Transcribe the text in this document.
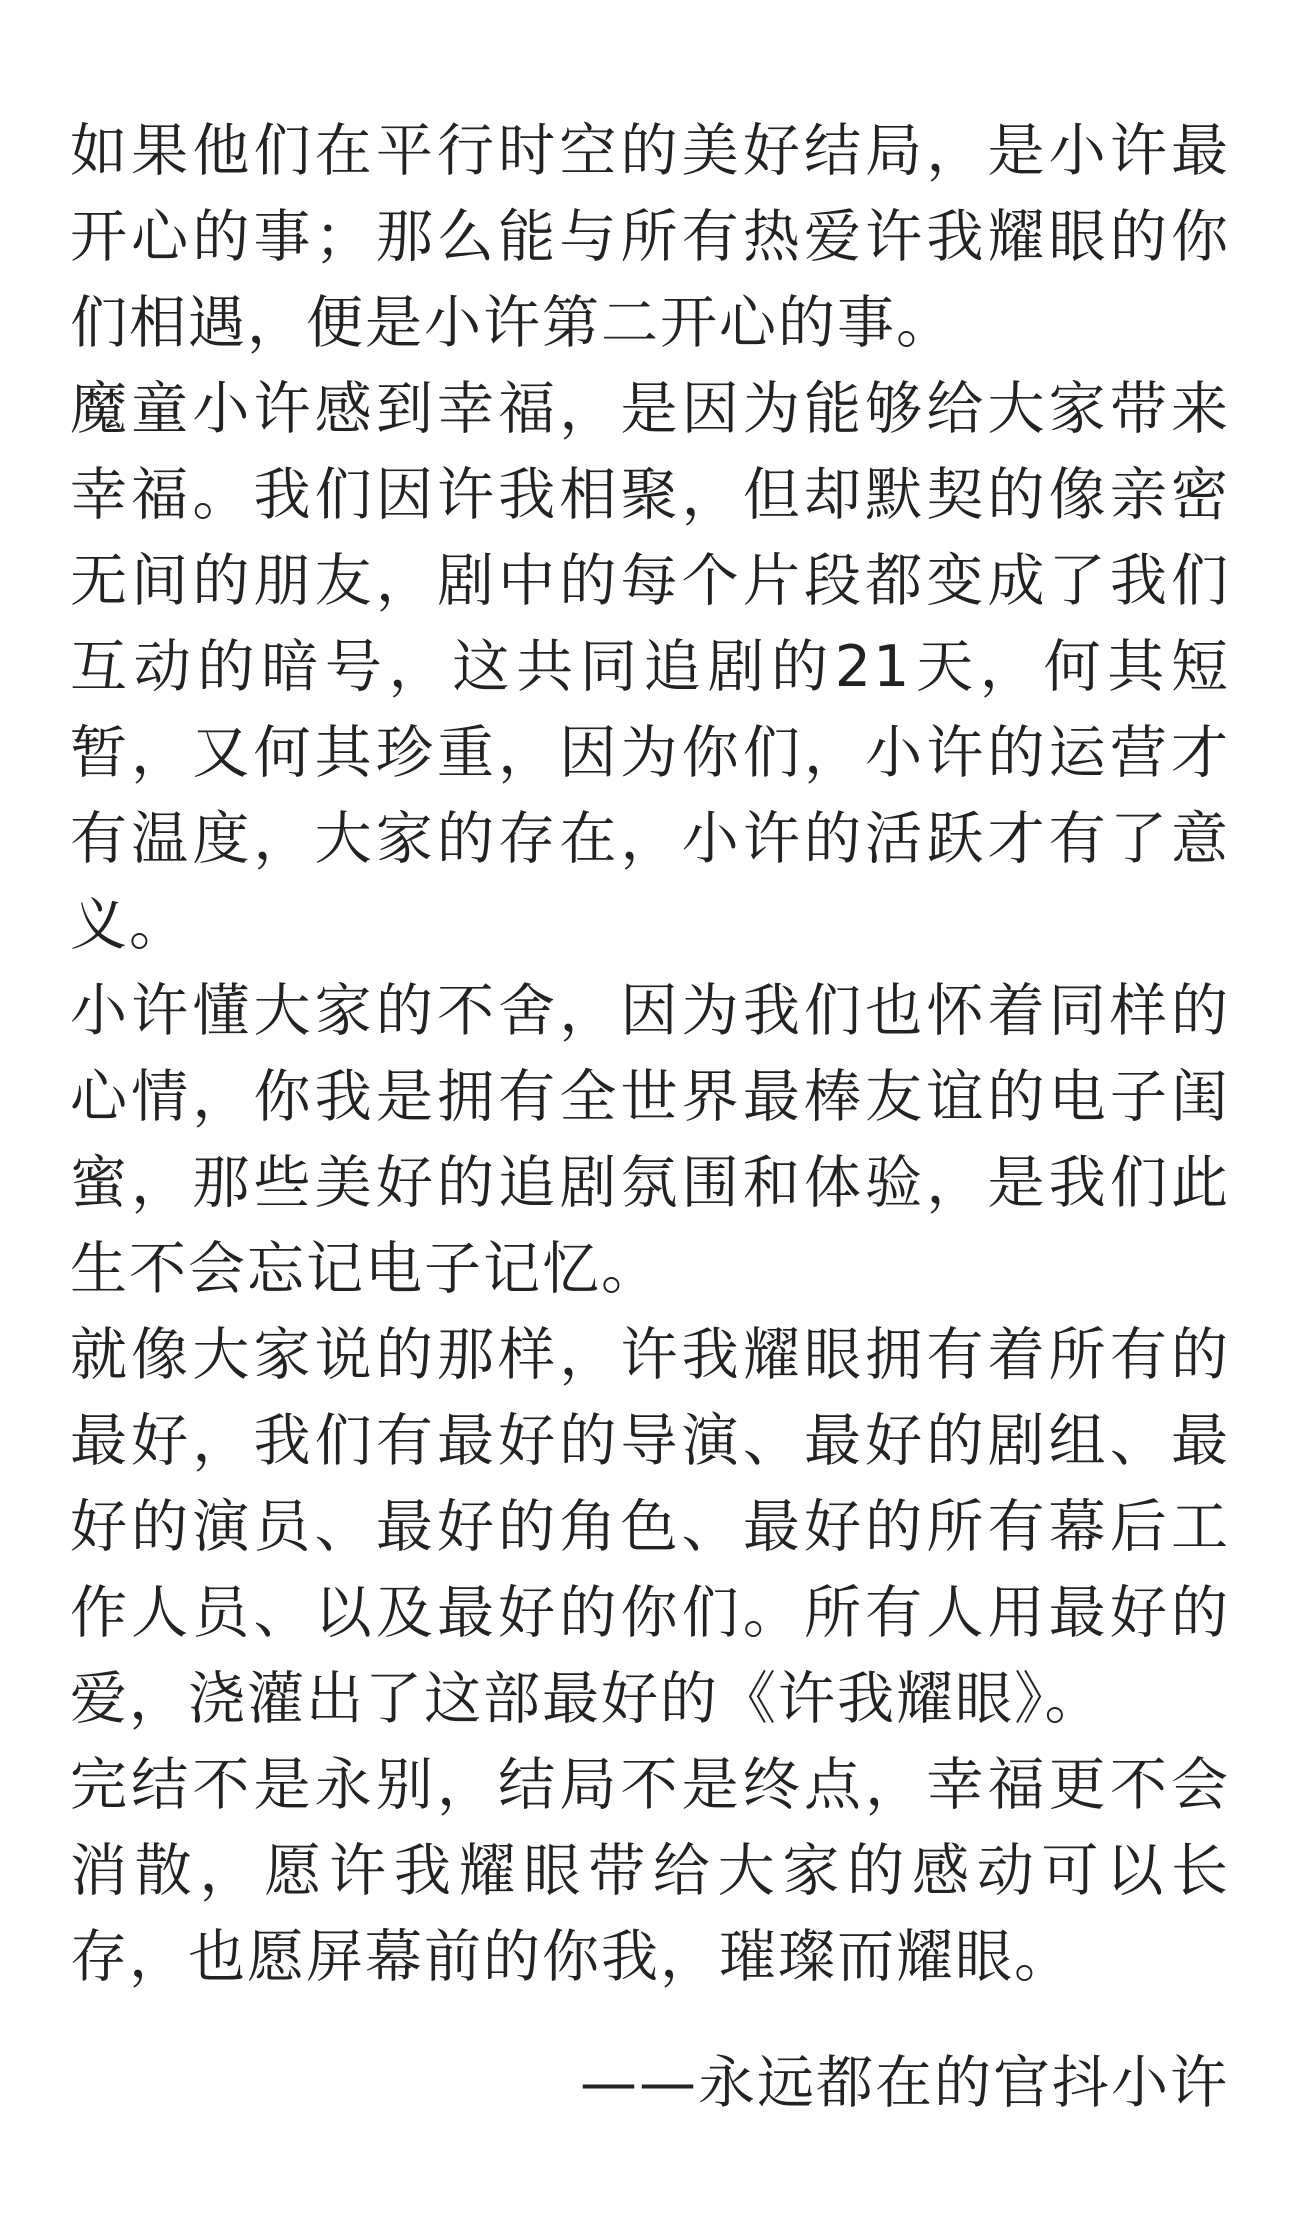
如果他们在平行时空的美好结局，是小许最开心的事；那么能与所有热爱许我耀眼的你们相遇，便是小许第二开心的事。

魔童小许感到幸福，是因为能够给大家带来幸福。我们因许我相聚，但却默契的像亲密无间的朋友，剧中的每个片段都变成了我们互动的暗号，这共同追剧的21天，何其短暂，又何其珍重，因为你们，小许的运营才有温度，大家的存在，小许的活跃才有了意义。

小许懂大家的不舍，因为我们也怀着同样的心情，你我是拥有全世界最棒友谊的电子闺蜜，那些美好的追剧氛围和体验，是我们此生不会忘记电子记忆。

就像大家说的那样，许我耀眼拥有着所有的最好，我们有最好的导演、最好的剧组、最好的演员、最好的角色、最好的所有幕后工作人员、以及最好的你们。所有人用最好的爱，浇灌出了这部最好的《许我耀眼》。

完结不是永别，结局不是终点，幸福更不会消散，愿许我耀眼带给大家的感动可以长存，也愿屏幕前的你我，璀璨而耀眼。

——永远都在的官抖小许
